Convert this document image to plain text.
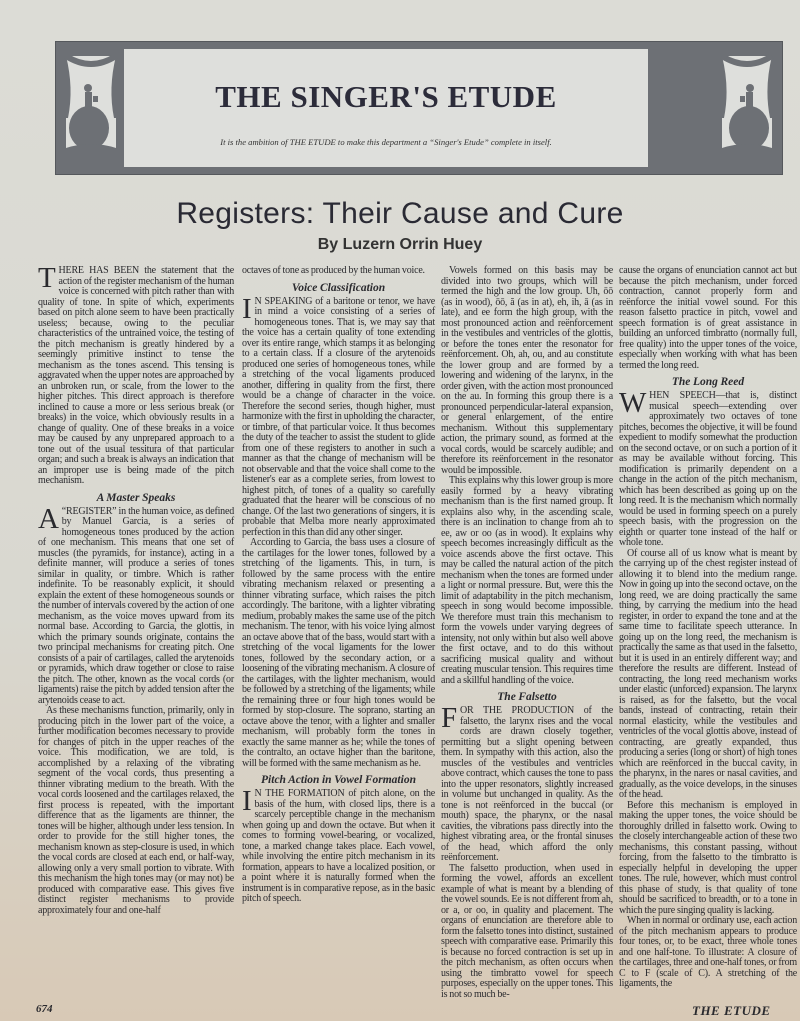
THE SINGER'S ETUDE
It is the ambition of THE ETUDE to make this department a “Singer's Etude” complete in itself.
Registers: Their Cause and Cure
By Luzern Orrin Huey

THERE HAS BEEN the statement that the action of the register mechanism of the human voice is concerned with pitch rather than with quality of tone. In spite of which, experiments based on pitch alone seem to have been practically useless; because, owing to the peculiar characteristics of the untrained voice, the testing of the pitch mechanism is greatly hindered by a seemingly primitive instinct to tense the mechanism as the tones ascend. This tensing is aggravated when the upper notes are approached by an unbroken run, or scale, from the lower to the higher pitches. This direct approach is therefore inclined to cause a more or less serious break (or breaks) in the voice, which obviously results in a change of quality. One of these breaks in a voice may be caused by any unprepared approach to a tone out of the usual tessitura of that particular organ; and such a break is always an indication that an improper use is being made of the pitch mechanism.

A Master Speaks

A “REGISTER” in the human voice, as defined by Manuel Garcia, is a series of homogeneous tones produced by the action of one mechanism. This means that one set of muscles (the pyramids, for instance), acting in a definite manner, will produce a series of tones similar in quality, or timbre. Which is rather indefinite. To be reasonably explicit, it should explain the extent of these homogeneous sounds or the number of intervals covered by the action of one mechanism, as the voice moves upward from its normal base. According to Garcia, the glottis, in which the primary sounds originate, contains the two principal mechanisms for creating pitch. One consists of a pair of cartilages, called the arytenoids or pyramids, which draw together or close to raise the pitch. The other, known as the vocal cords (or ligaments) raise the pitch by added tension after the arytenoids cease to act.

As these mechanisms function, primarily, only in producing pitch in the lower part of the voice, a further modification becomes necessary to provide for changes of pitch in the upper reaches of the voice. This modification, we are told, is accomplished by a relaxing of the vibrating segment of the vocal cords, thus presenting a thinner vibrating medium to the breath. With the vocal cords loosened and the cartilages relaxed, the first process is repeated, with the important difference that as the ligaments are thinner, the tones will be higher, although under less tension. In order to provide for the still higher tones, the mechanism known as step-closure is used, in which the vocal cords are closed at each end, or half-way, allowing only a very small portion to vibrate. With this mechanism the high tones may (or may not) be produced with comparative ease. This gives five distinct register mechanisms to provide approximately four and one-half

octaves of tone as produced by the human voice.

Voice Classification

I N SPEAKING of a baritone or tenor, we have in mind a voice consisting of a series of homogeneous tones. That is, we may say that the voice has a certain quality of tone extending over its entire range, which stamps it as belonging to a certain class. If a closure of the arytenoids produced one series of homogeneous tones, while a stretching of the vocal ligaments produced another, differing in quality from the first, there would be a change of character in the voice. Therefore the second series, though higher, must harmonize with the first in upholding the character, or timbre, of that particular voice. It thus becomes the duty of the teacher to assist the student to glide from one of these registers to another in such a manner as that the change of mechanism will be not observable and that the voice shall come to the listener's ear as a complete series, from lowest to highest pitch, of tones of a quality so carefully graduated that the hearer will be conscious of no change. Of the last two generations of singers, it is probable that Melba more nearly approximated perfection in this than did any other singer.

According to Garcia, the bass uses a closure of the cartilages for the lower tones, followed by a stretching of the ligaments. This, in turn, is followed by the same process with the entire vibrating mechanism relaxed or presenting a thinner vibrating surface, which raises the pitch accordingly. The baritone, with a lighter vibrating medium, probably makes the same use of the pitch mechanism. The tenor, with his voice lying almost an octave above that of the bass, would start with a stretching of the vocal ligaments for the lower tones, followed by the secondary action, or a loosening of the vibrating mechanism. A closure of the cartilages, with the lighter mechanism, would be followed by a stretching of the ligaments; while the remaining three or four high tones would be formed by stop-closure. The soprano, starting an octave above the tenor, with a lighter and smaller mechanism, will probably form the tones in exactly the same manner as he; while the tones of the contralto, an octave higher than the baritone, will be formed with the same mechanism as he.

Pitch Action in Vowel Formation

I N THE FORMATION of pitch alone, on the basis of the hum, with closed lips, there is a scarcely perceptible change in the mechanism when going up and down the octave. But when it comes to forming vowel-bearing, or vocalized, tone, a marked change takes place. Each vowel, while involving the entire pitch mechanism in its formation, appears to have a localized position, or a point where it is naturally formed when the instrument is in comparative repose, as in the basic pitch of speech.

Vowels formed on this basis may be divided into two groups, which will be termed the high and the low group. Uh, ōō (as in wood), ōō, ă (as in at), eh, ih, ā (as in late), and ee form the high group, with the most pronounced action and reënforcement in the vestibules and ventricles of the glottis, or before the tones enter the resonator for reënforcement. Oh, ah, ou, and au constitute the lower group and are formed by a lowering and widening of the larynx, in the order given, with the action most pronounced on the au. In forming this group there is a pronounced perpendicular-lateral expansion, or general enlargement, of the entire mechanism. Without this supplementary action, the primary sound, as formed at the vocal cords, would be scarcely audible; and therefore its reënforcement in the resonator would be impossible.

This explains why this lower group is more easily formed by a heavy vibrating mechanism than is the first named group. It explains also why, in the ascending scale, there is an inclination to change from ah to ee, aw or oo (as in wood). It explains why speech becomes increasingly difficult as the voice ascends above the first octave. This may be called the natural action of the pitch mechanism when the tones are formed under a light or normal pressure. But, were this the limit of adaptability in the pitch mechanism, speech in song would become impossible. We therefore must train this mechanism to form the vowels under varying degrees of intensity, not only within but also well above the first octave, and to do this without sacrificing musical quality and without creating muscular tension. This requires time and a skillful handling of the voice.

The Falsetto

FOR THE PRODUCTION of the falsetto, the larynx rises and the vocal cords are drawn closely together, permitting but a slight opening between them. In sympathy with this action, also the muscles of the vestibules and ventricles above contract, which causes the tone to pass into the upper resonators, slightly increased in volume but unchanged in quality. As the tone is not reënforced in the buccal (or mouth) space, the pharynx, or the nasal cavities, the vibrations pass directly into the highest vibrating area, or the frontal sinuses of the head, which afford the only reënforcement.

The falsetto production, when used in forming the vowel, affords an excellent example of what is meant by a blending of the vowel sounds. Ee is not different from ah, or a, or oo, in quality and placement. The organs of enunciation are therefore able to form the falsetto tones into distinct, sustained speech with comparative ease. Primarily this is because no forced contraction is set up in the pitch mechanism, as often occurs when using the timbratto vowel for speech purposes, especially on the upper tones. This is not so much be-

cause the organs of enunciation cannot act but because the pitch mechanism, under forced contraction, cannot properly form and reënforce the initial vowel sound. For this reason falsetto practice in pitch, vowel and speech formation is of great assistance in building an unforced timbratto (normally full, free quality) into the upper tones of the voice, especially when working with what has been termed the long reed.

The Long Reed

WHEN SPEECH—that is, distinct musical speech—extending over approximately two octaves of tone pitches, becomes the objective, it will be found expedient to modify somewhat the production on the second octave, or on such a portion of it as may be available without forcing. This modification is primarily dependent on a change in the action of the pitch mechanism, which has been described as going up on the long reed. It is the mechanism which normally would be used in forming speech on a purely speech basis, with the progression on the eighth or quarter tone instead of the half or whole tone.

Of course all of us know what is meant by the carrying up of the chest register instead of allowing it to blend into the medium range. Now in going up into the second octave, on the long reed, we are doing practically the same thing, by carrying the medium into the head register, in order to expand the tone and at the same time to facilitate speech utterance. In going up on the long reed, the mechanism is practically the same as that used in the falsetto, but it is used in an entirely different way; and therefore the results are different. Instead of contracting, the long reed mechanism works under elastic (unforced) expansion. The larynx is raised, as for the falsetto, but the vocal bands, instead of contracting, retain their normal elasticity, while the vestibules and ventricles of the vocal glottis above, instead of contracting, are greatly expanded, thus producing a series (long or short) of high tones which are reënforced in the buccal cavity, in the pharynx, in the nares or nasal cavities, and gradually, as the voice develops, in the sinuses of the head.

Before this mechanism is employed in making the upper tones, the voice should be thoroughly drilled in falsetto work. Owing to the closely interchangeable action of these two mechanisms, this constant passing, without forcing, from the falsetto to the timbratto is especially helpful in developing the upper tones. The rule, however, which must control this phase of study, is that quality of tone should be sacrificed to breadth, or to a tone in which the pure singing quality is lacking.

When in normal or ordinary use, each action of the pitch mechanism appears to produce four tones, or, to be exact, three whole tones and one half-tone. To illustrate: A closure of the cartilages, three and one-half tones, or from C to F (scale of C). A stretching of the ligaments, the

674	THE ETUDE
